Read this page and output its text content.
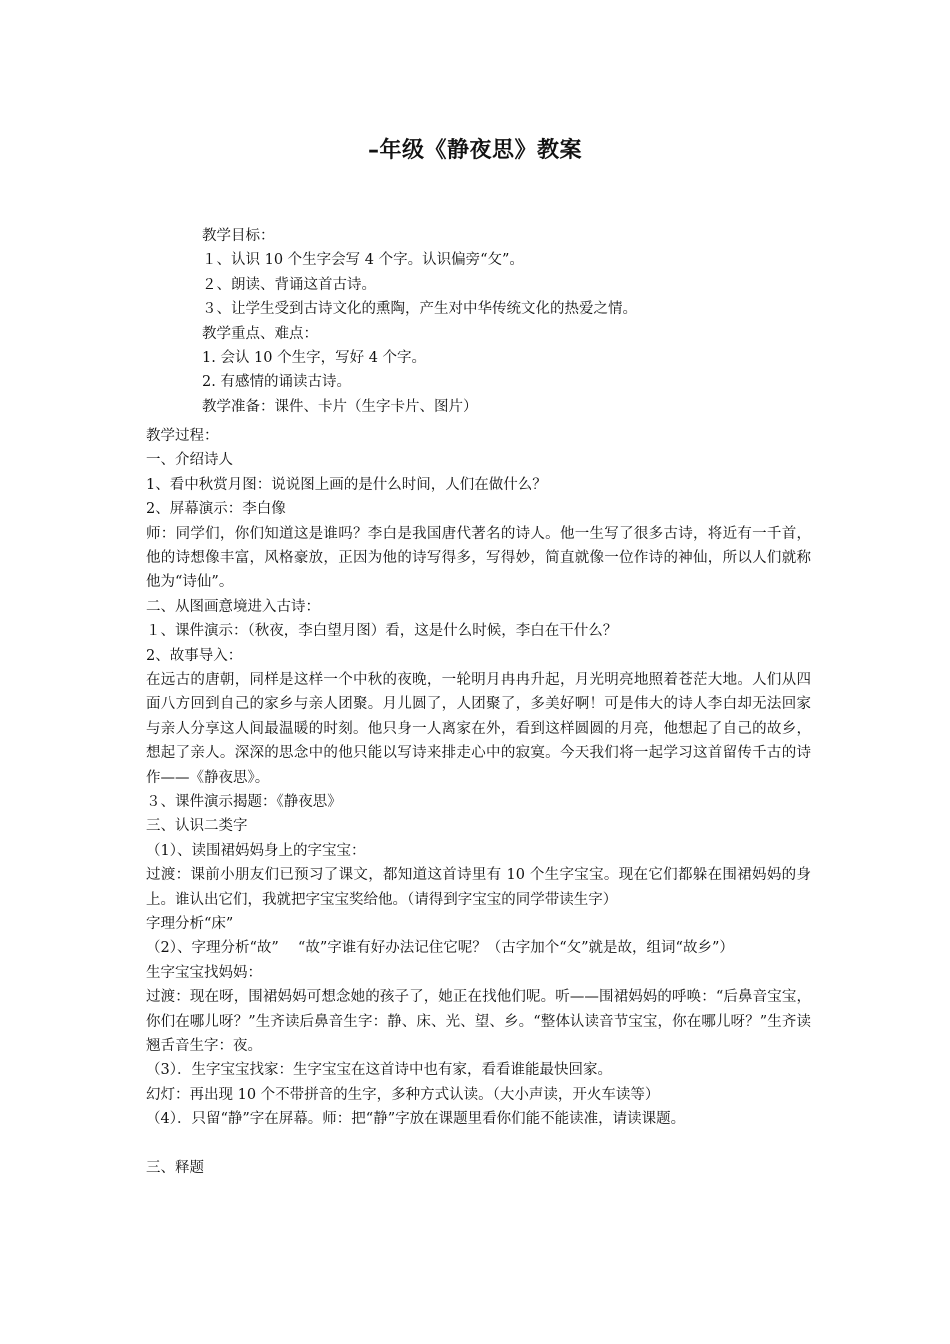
–年级《静夜思》教案
教学目标：
１、认识 10 个生字会写 4 个字。认识偏旁“攵”。
２、朗读、背诵这首古诗。
３、让学生受到古诗文化的熏陶，产生对中华传统文化的热爱之情。
教学重点、难点：
1. 会认 10 个生字，写好 4 个字。
2. 有感情的诵读古诗。
教学准备：课件、卡片（生字卡片、图片）
教学过程：
一、介绍诗人
1、看中秋赏月图：说说图上画的是什么时间，人们在做什么？
2、屏幕演示：李白像
师：同学们，你们知道这是谁吗？李白是我国唐代著名的诗人。他一生写了很多古诗，将近有一千首，他的诗想像丰富，风格豪放，正因为他的诗写得多，写得妙，简直就像一位作诗的神仙，所以人们就称他为“诗仙”。
二、从图画意境进入古诗：
１、课件演示：（秋夜，李白望月图）看，这是什么时候，李白在干什么？
2、故事导入：
在远古的唐朝，同样是这样一个中秋的夜晚，一轮明月冉冉升起，月光明亮地照着苍茫大地。人们从四面八方回到自己的家乡与亲人团聚。月儿圆了，人团聚了，多美好啊！可是伟大的诗人李白却无法回家与亲人分享这人间最温暖的时刻。他只身一人离家在外，看到这样圆圆的月亮，他想起了自己的故乡，想起了亲人。深深的思念中的他只能以写诗来排走心中的寂寞。今天我们将一起学习这首留传千古的诗作——《静夜思》。
３、课件演示揭题：《静夜思》
三、认识二类字
（1）、读围裙妈妈身上的字宝宝：
过渡：课前小朋友们已预习了课文，都知道这首诗里有 10 个生字宝宝。现在它们都躲在围裙妈妈的身上。谁认出它们，我就把字宝宝奖给他。（请得到字宝宝的同学带读生字）
字理分析“床”
（2）、字理分析“故”　 “故”字谁有好办法记住它呢？（古字加个“攵”就是故，组词“故乡”）
生字宝宝找妈妈：
过渡：现在呀，围裙妈妈可想念她的孩子了，她正在找他们呢。听——围裙妈妈的呼唤：“后鼻音宝宝，你们在哪儿呀？”生齐读后鼻音生字：静、床、光、望、乡。“整体认读音节宝宝，你在哪儿呀？”生齐读翘舌音生字：夜。
（3）．生字宝宝找家：生字宝宝在这首诗中也有家，看看谁能最快回家。
幻灯：再出现 10 个不带拼音的生字，多种方式认读。（大小声读，开火车读等）
（4）．只留“静”字在屏幕。师：把“静”字放在课题里看你们能不能读准，请读课题。
三、释题
